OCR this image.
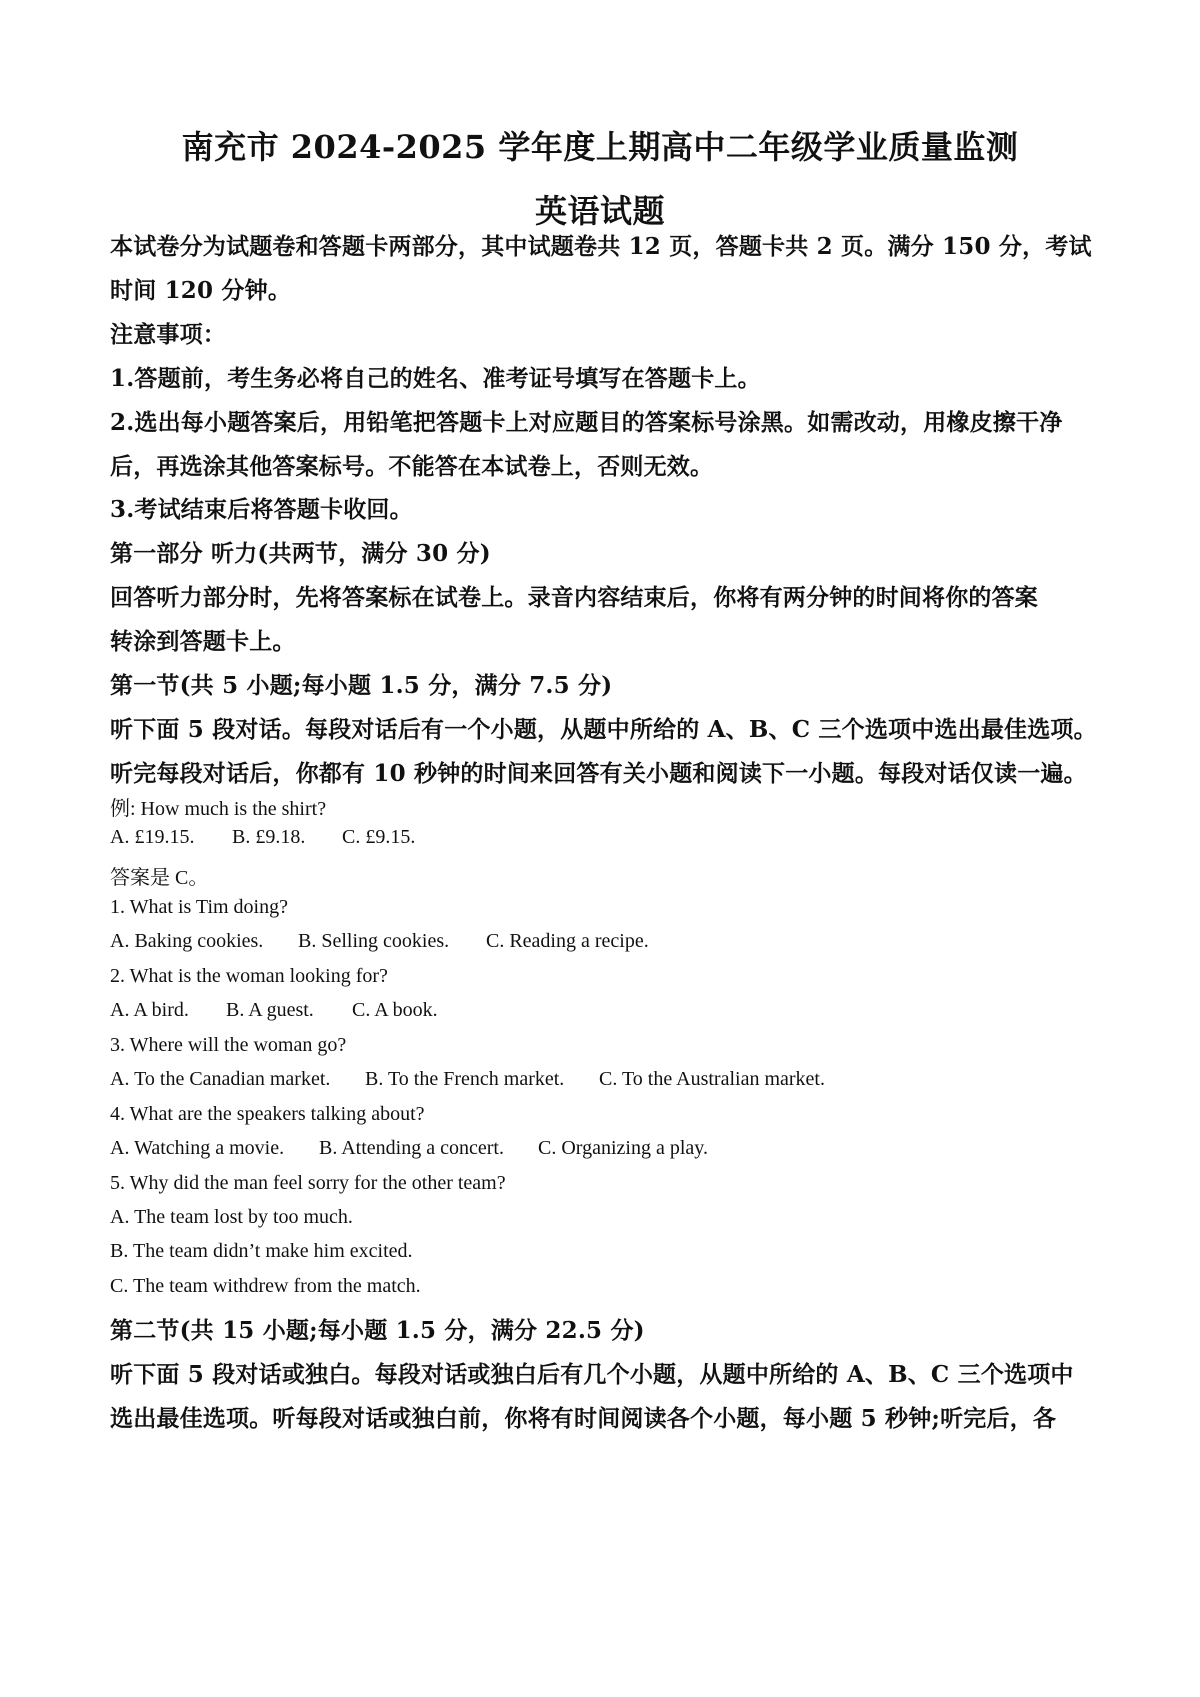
南充市 2024-2025 学年度上期高中二年级学业质量监测
英语试题
本试卷分为试题卷和答题卡两部分，其中试题卷共 12 页，答题卡共 2 页。满分 150 分，考试
时间 120 分钟。
注意事项：
1.答题前，考生务必将自己的姓名、准考证号填写在答题卡上。
2.选出每小题答案后，用铅笔把答题卡上对应题目的答案标号涂黑。如需改动，用橡皮擦干净
后，再选涂其他答案标号。不能答在本试卷上，否则无效。
3.考试结束后将答题卡收回。
第一部分 听力(共两节，满分 30 分)
回答听力部分时，先将答案标在试卷上。录音内容结束后，你将有两分钟的时间将你的答案
转涂到答题卡上。
第一节(共 5 小题;每小题 1.5 分，满分 7.5 分)
听下面 5 段对话。每段对话后有一个小题，从题中所给的 A、B、C 三个选项中选出最佳选项。
听完每段对话后，你都有 10 秒钟的时间来回答有关小题和阅读下一小题。每段对话仅读一遍。
例: How much is the shirt?
A. £19.15. B. £9.18. C. £9.15.
答案是 C。
1. What is Tim doing?
A. Baking cookies. B. Selling cookies. C. Reading a recipe.
2. What is the woman looking for?
A. A bird. B. A guest. C. A book.
3. Where will the woman go?
A. To the Canadian market. B. To the French market. C. To the Australian market.
4. What are the speakers talking about?
A. Watching a movie. B. Attending a concert. C. Organizing a play.
5. Why did the man feel sorry for the other team?
A. The team lost by too much.
B. The team didn’t make him excited.
C. The team withdrew from the match.
第二节(共 15 小题;每小题 1.5 分，满分 22.5 分)
听下面 5 段对话或独白。每段对话或独白后有几个小题，从题中所给的 A、B、C 三个选项中
选出最佳选项。听每段对话或独白前，你将有时间阅读各个小题，每小题 5 秒钟;听完后，各
